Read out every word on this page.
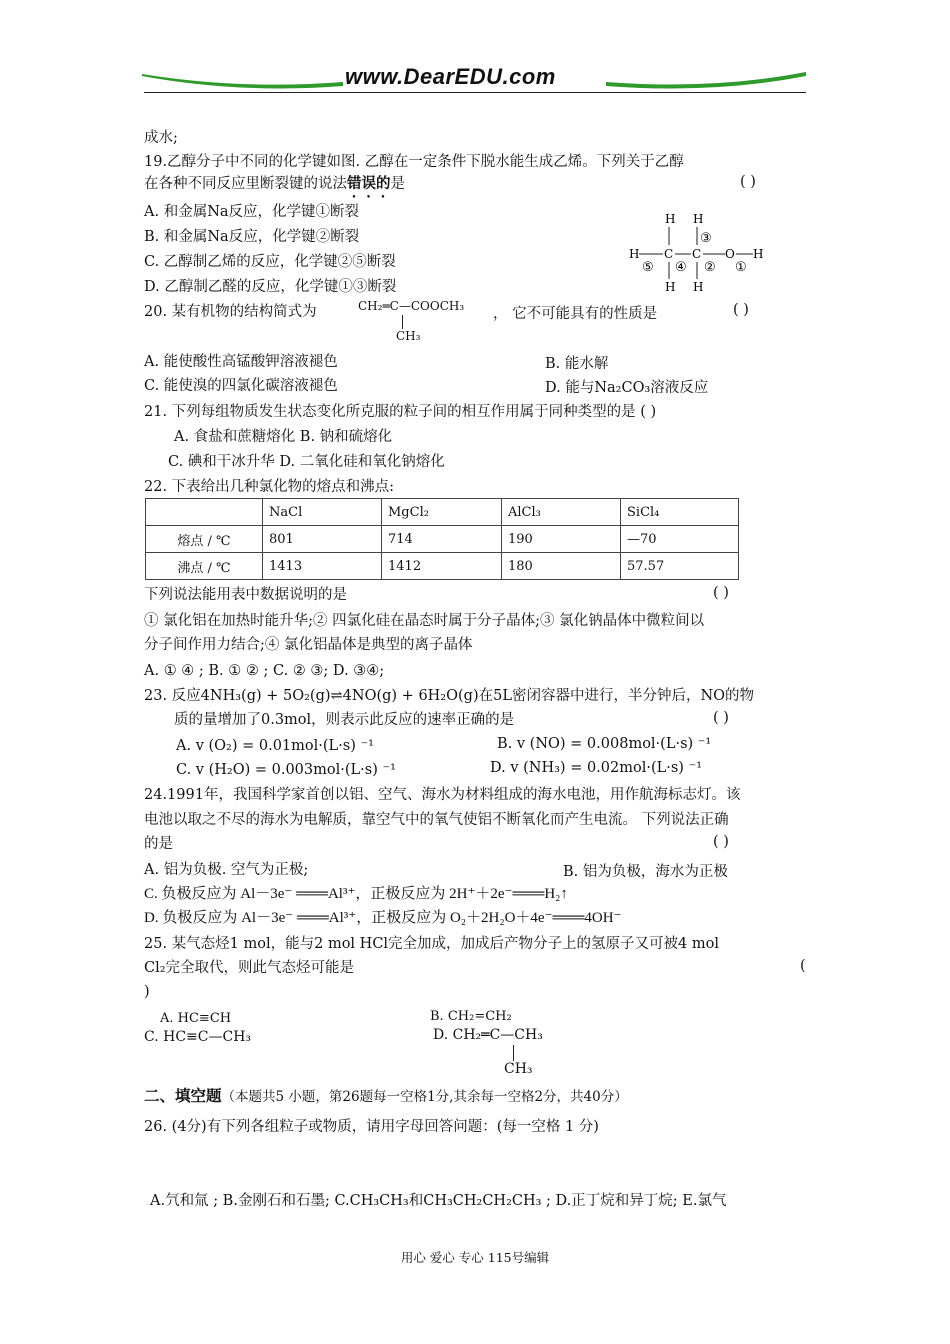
www.DearEDU.com
成水;
19.乙醇分子中不同的化学键如图. 乙醇在一定条件下脱水能生成乙烯。下列关于乙醇
在各种不同反应里断裂键的说法错误的是	( )
A. 和金属Na反应，化学键①断裂
B. 和金属Na反应，化学键②断裂
C. 乙醇制乙烯的反应，化学键②⑤断裂
D. 乙醇制乙醛的反应，化学键①③断裂
H H
③
H C C O H
⑤ ④ ② ①
H H
20. 某有机物的结构简式为	CH₂═C—COOCH₃
CH₃
， 它不可能具有的性质是	( )
A. 能使酸性高锰酸钾溶液褪色	B. 能水解
C. 能使溴的四氯化碳溶液褪色	D. 能与Na₂CO₃溶液反应
21. 下列每组物质发生状态变化所克服的粒子间的相互作用属于同种类型的是 ( )
A. 食盐和蔗糖熔化 B. 钠和硫熔化
C. 碘和干冰升华 D. 二氧化硅和氧化钠熔化
22. 下表给出几种氯化物的熔点和沸点:
	NaCl	MgCl₂	AlCl₃	SiCl₄
熔点 / ℃	801	714	190	—70
沸点 / ℃	1413	1412	180	57.57
下列说法能用表中数据说明的是	( )
① 氯化铝在加热时能升华;② 四氯化硅在晶态时属于分子晶体;③ 氯化钠晶体中微粒间以
分子间作用力结合;④ 氯化铝晶体是典型的离子晶体
A. ① ④ ; B. ① ② ; C. ② ③; D. ③④;
23. 反应4NH₃(g) + 5O₂(g)⇌4NO(g) + 6H₂O(g)在5L密闭容器中进行，半分钟后，NO的物
质的量增加了0.3mol，则表示此反应的速率正确的是	( )
A. v (O₂) = 0.01mol·(L·s) ⁻¹	B. v (NO) = 0.008mol·(L·s) ⁻¹
C. v (H₂O) = 0.003mol·(L·s) ⁻¹	D. v (NH₃) = 0.02mol·(L·s) ⁻¹
24.1991年，我国科学家首创以铝、空气、海水为材料组成的海水电池，用作航海标志灯。该
电池以取之不尽的海水为电解质，靠空气中的氧气使铝不断氧化而产生电流。 下列说法正确
的是	( )
A. 铝为负极. 空气为正极;	B. 铝为负极，海水为正极
C. 负极反应为 Al－3e⁻ ═══Al³⁺，正极反应为 2H⁺＋2e⁻═══H₂↑
D. 负极反应为 Al－3e⁻ ═══Al³⁺，正极反应为 O₂＋2H₂O＋4e⁻═══4OH⁻
25. 某气态烃1 mol，能与2 mol HCl完全加成，加成后产物分子上的氢原子又可被4 mol
Cl₂完全取代，则此气态烃可能是	(
)
A. HC≡CH	B. CH₂=CH₂
C. HC≡C—CH₃	D. CH₂═C—CH₃
CH₃
二、填空题（本题共5 小题，第26题每一空格1分,其余每一空格2分，共40分）
26. (4分)有下列各组粒子或物质，请用字母回答问题：(每一空格 1 分)
A.氕和氚 ; B.金刚石和石墨; C.CH₃CH₃和CH₃CH₂CH₂CH₃ ; D.正丁烷和异丁烷; E.氯气
用心 爱心 专心 115号编辑
